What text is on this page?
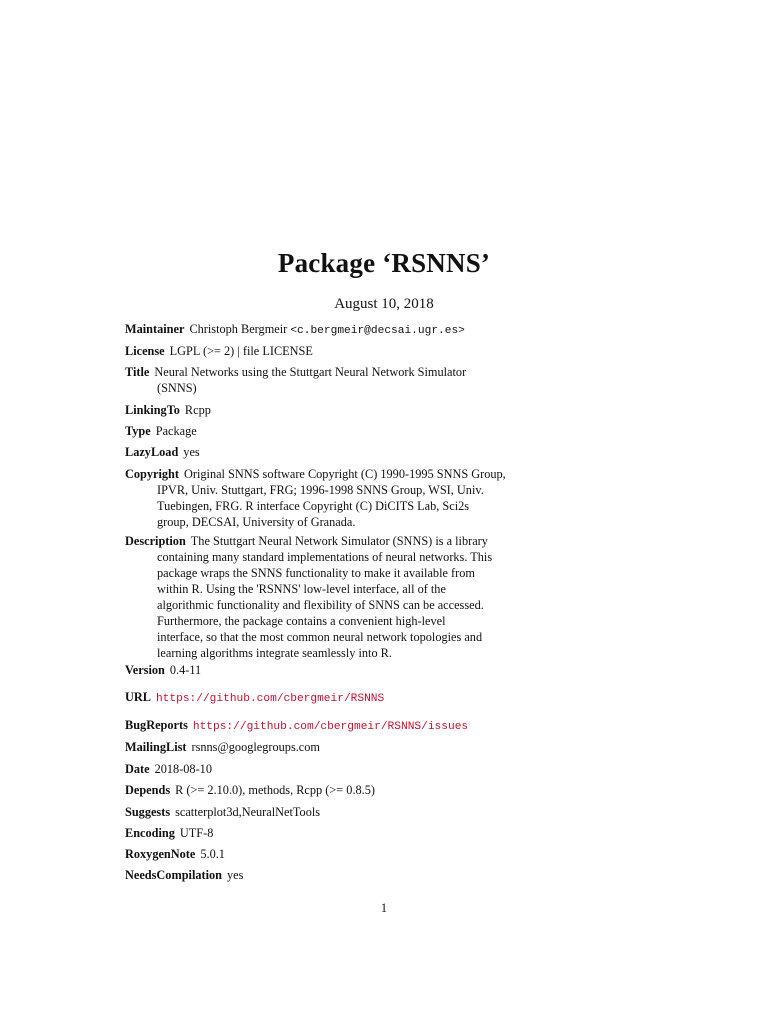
Package ‘RSNNS’
August 10, 2018
Maintainer Christoph Bergmeir <c.bergmeir@decsai.ugr.es>
License LGPL (>= 2) | file LICENSE
Title Neural Networks using the Stuttgart Neural Network Simulator
(SNNS)
LinkingTo Rcpp
Type Package
LazyLoad yes
Copyright Original SNNS software Copyright (C) 1990-1995 SNNS Group,
IPVR, Univ. Stuttgart, FRG; 1996-1998 SNNS Group, WSI, Univ.
Tuebingen, FRG. R interface Copyright (C) DiCITS Lab, Sci2s
group, DECSAI, University of Granada.
Description The Stuttgart Neural Network Simulator (SNNS) is a library
containing many standard implementations of neural networks. This
package wraps the SNNS functionality to make it available from
within R. Using the 'RSNNS' low-level interface, all of the
algorithmic functionality and flexibility of SNNS can be accessed.
Furthermore, the package contains a convenient high-level
interface, so that the most common neural network topologies and
learning algorithms integrate seamlessly into R.
Version 0.4-11
URL https://github.com/cbergmeir/RSNNS
BugReports https://github.com/cbergmeir/RSNNS/issues
MailingList rsnns@googlegroups.com
Date 2018-08-10
Depends R (>= 2.10.0), methods, Rcpp (>= 0.8.5)
Suggests scatterplot3d,NeuralNetTools
Encoding UTF-8
RoxygenNote 5.0.1
NeedsCompilation yes
1
